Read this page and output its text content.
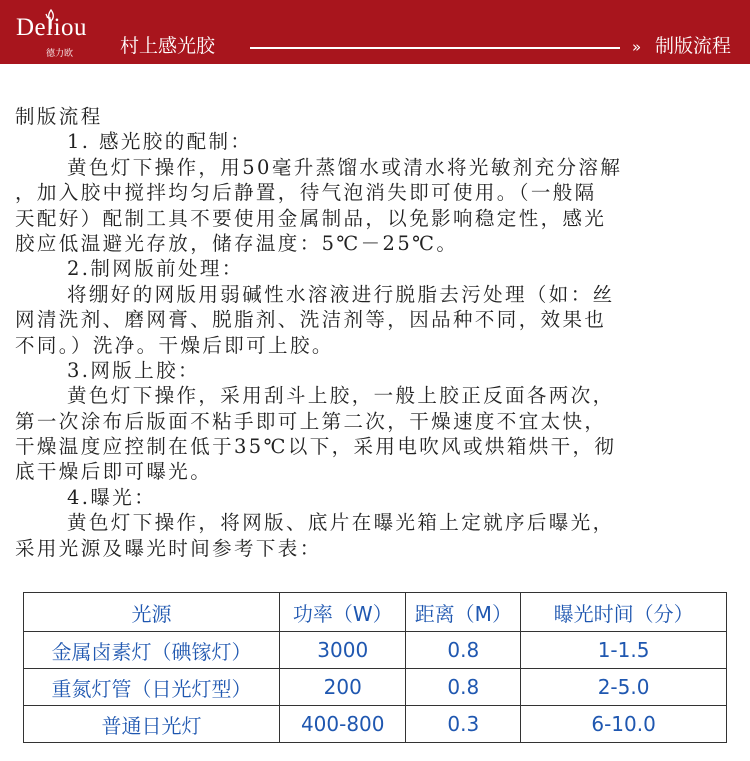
Deliou
德力欧 村上感光胶	» 制版流程
制版流程
1. 感光胶的配制：
黄色灯下操作，用50毫升蒸馏水或清水将光敏剂充分溶解
，加入胶中搅拌均匀后静置，待气泡消失即可使用。（一般隔
天配好）配制工具不要使用金属制品，以免影响稳定性，感光
胶应低温避光存放，储存温度：5℃－25℃。
2.制网版前处理：
将绷好的网版用弱碱性水溶液进行脱脂去污处理（如：丝
网清洗剂、磨网膏、脱脂剂、洗洁剂等，因品种不同，效果也
不同。）洗净。干燥后即可上胶。
3.网版上胶：
黄色灯下操作，采用刮斗上胶，一般上胶正反面各两次，
第一次涂布后版面不粘手即可上第二次，干燥速度不宜太快，
干燥温度应控制在低于35℃以下，采用电吹风或烘箱烘干，彻
底干燥后即可曝光。
4.曝光：
黄色灯下操作，将网版、底片在曝光箱上定就序后曝光，
采用光源及曝光时间参考下表：
光源	功率（W）	距离（M）	曝光时间（分）
金属卤素灯（碘镓灯）	3000	0.8	1-1.5
重氮灯管（日光灯型）	200	0.8	2-5.0
普通日光灯	400-800	0.3	6-10.0
